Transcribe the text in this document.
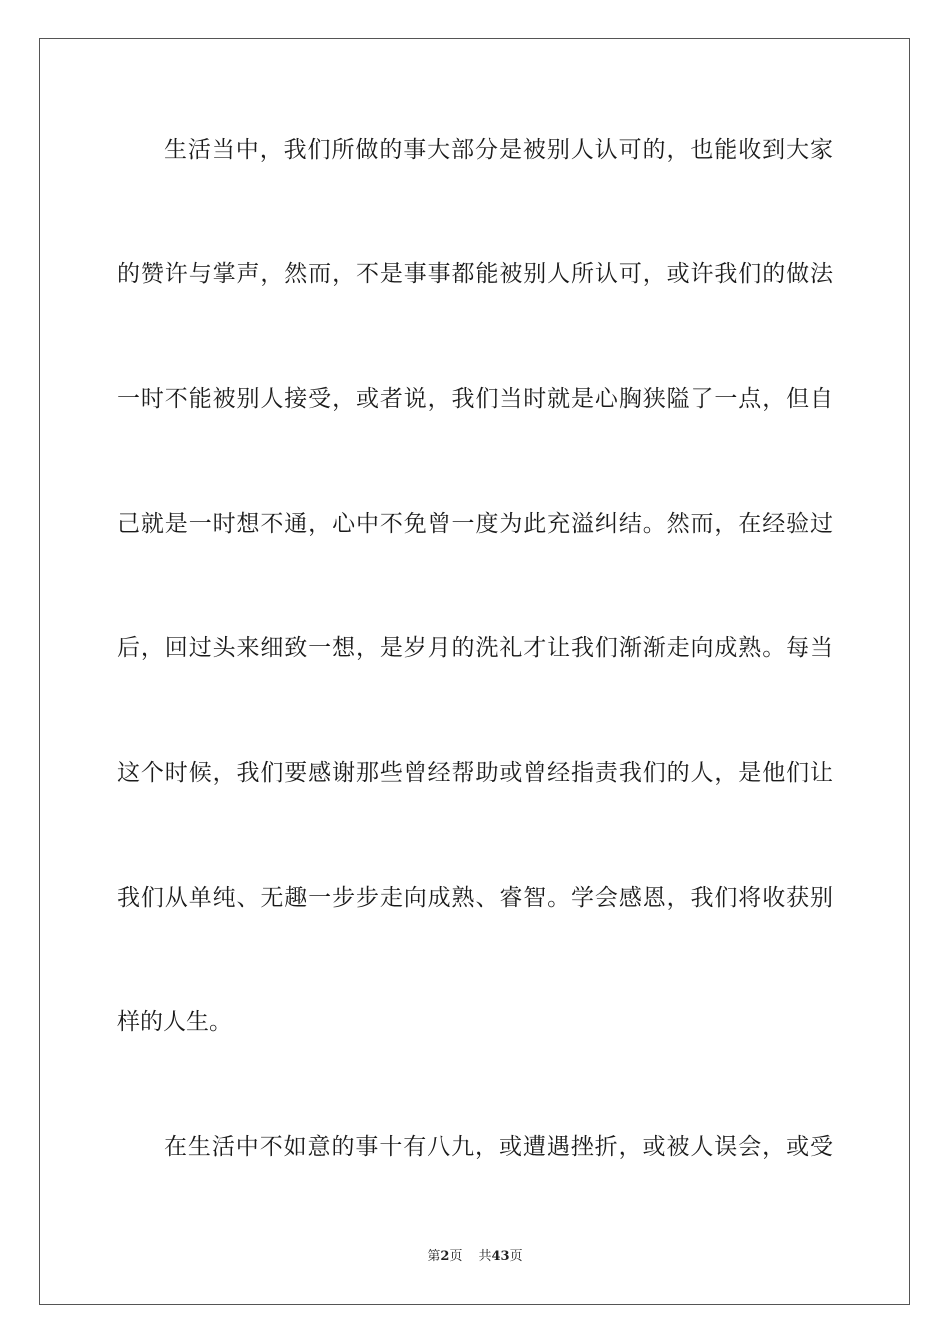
生活当中，我们所做的事大部分是被别人认可的，也能收到大家
的赞许与掌声，然而，不是事事都能被别人所认可，或许我们的做法
一时不能被别人接受，或者说，我们当时就是心胸狭隘了一点，但自
己就是一时想不通，心中不免曾一度为此充溢纠结。然而，在经验过
后，回过头来细致一想，是岁月的洗礼才让我们渐渐走向成熟。每当
这个时候，我们要感谢那些曾经帮助或曾经指责我们的人，是他们让
我们从单纯、无趣一步步走向成熟、睿智。学会感恩，我们将收获别
样的人生。
在生活中不如意的事十有八九，或遭遇挫折，或被人误会，或受
第2页 共43页
